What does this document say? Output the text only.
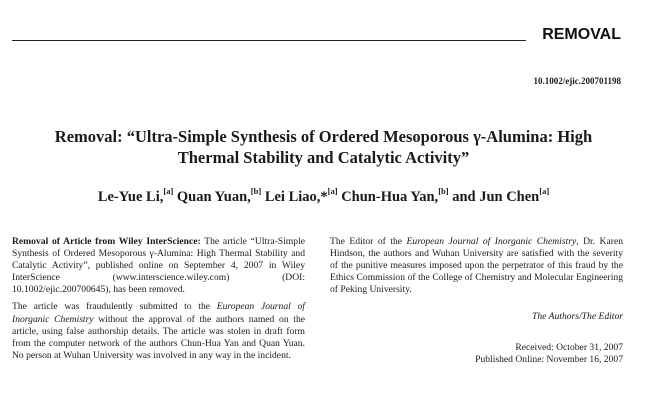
REMOVAL
10.1002/ejic.200701198
Removal: “Ultra-Simple Synthesis of Ordered Mesoporous γ-Alumina: High
Thermal Stability and Catalytic Activity”
Le-Yue Li,[a] Quan Yuan,[b] Lei Liao,*[a] Chun-Hua Yan,[b] and Jun Chen[a]

Removal of Article from Wiley InterScience: The article “Ultra-Simple Synthesis of Ordered Mesoporous γ-Alumina: High Thermal Stability and Catalytic Activity”, published online on September 4, 2007 in Wiley InterScience (www.interscience.wiley.com) (DOI: 10.1002/ejic.200700645), has been removed.

The article was fraudulently submitted to the European Journal of Inorganic Chemistry without the approval of the authors named on the article, using false authorship details. The article was stolen in draft form from the computer network of the authors Chun-Hua Yan and Quan Yuan. No person at Wuhan University was involved in any way in the incident.

The Editor of the European Journal of Inorganic Chemistry, Dr. Karen Hindson, the authors and Wuhan University are satisfied with the severity of the punitive measures imposed upon the perpetrator of this fraud by the Ethics Commission of the College of Chemistry and Molecular Engineering of Peking University.

The Authors/The Editor

Received: October 31, 2007
Published Online: November 16, 2007
